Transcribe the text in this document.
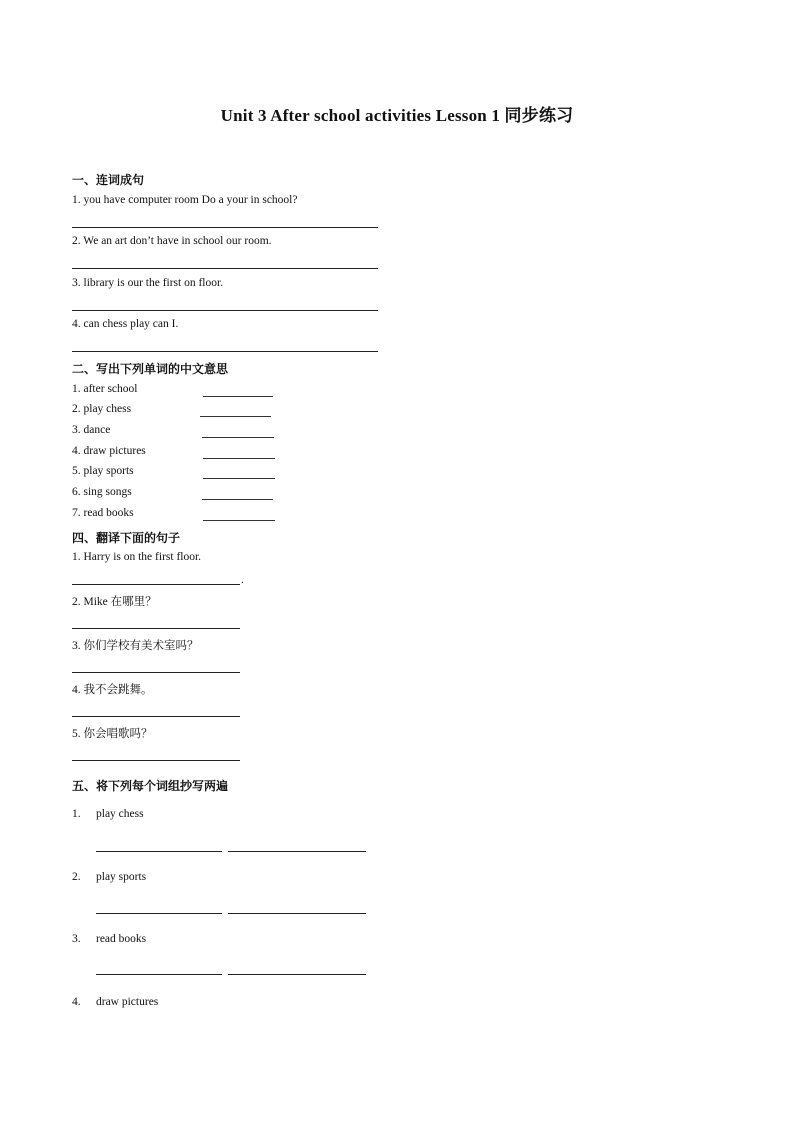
Unit 3 After school activities Lesson 1 同步练习
一、连词成句
1. you have computer room Do a your in school?
2. We an art don’t have in school our room.
3. library is our the first on floor.
4. can chess play can I.
二、写出下列单词的中文意思
1. after school
2. play chess
3. dance
4. draw pictures
5. play sports
6. sing songs
7. read books
四、翻译下面的句子
1. Harry is on the first floor.
.
2. Mike 在哪里？
3. 你们学校有美术室吗？
4. 我不会跳舞。
5. 你会唱歌吗？
五、将下列每个词组抄写两遍
1. play chess
2. play sports
3. read books
4. draw pictures
